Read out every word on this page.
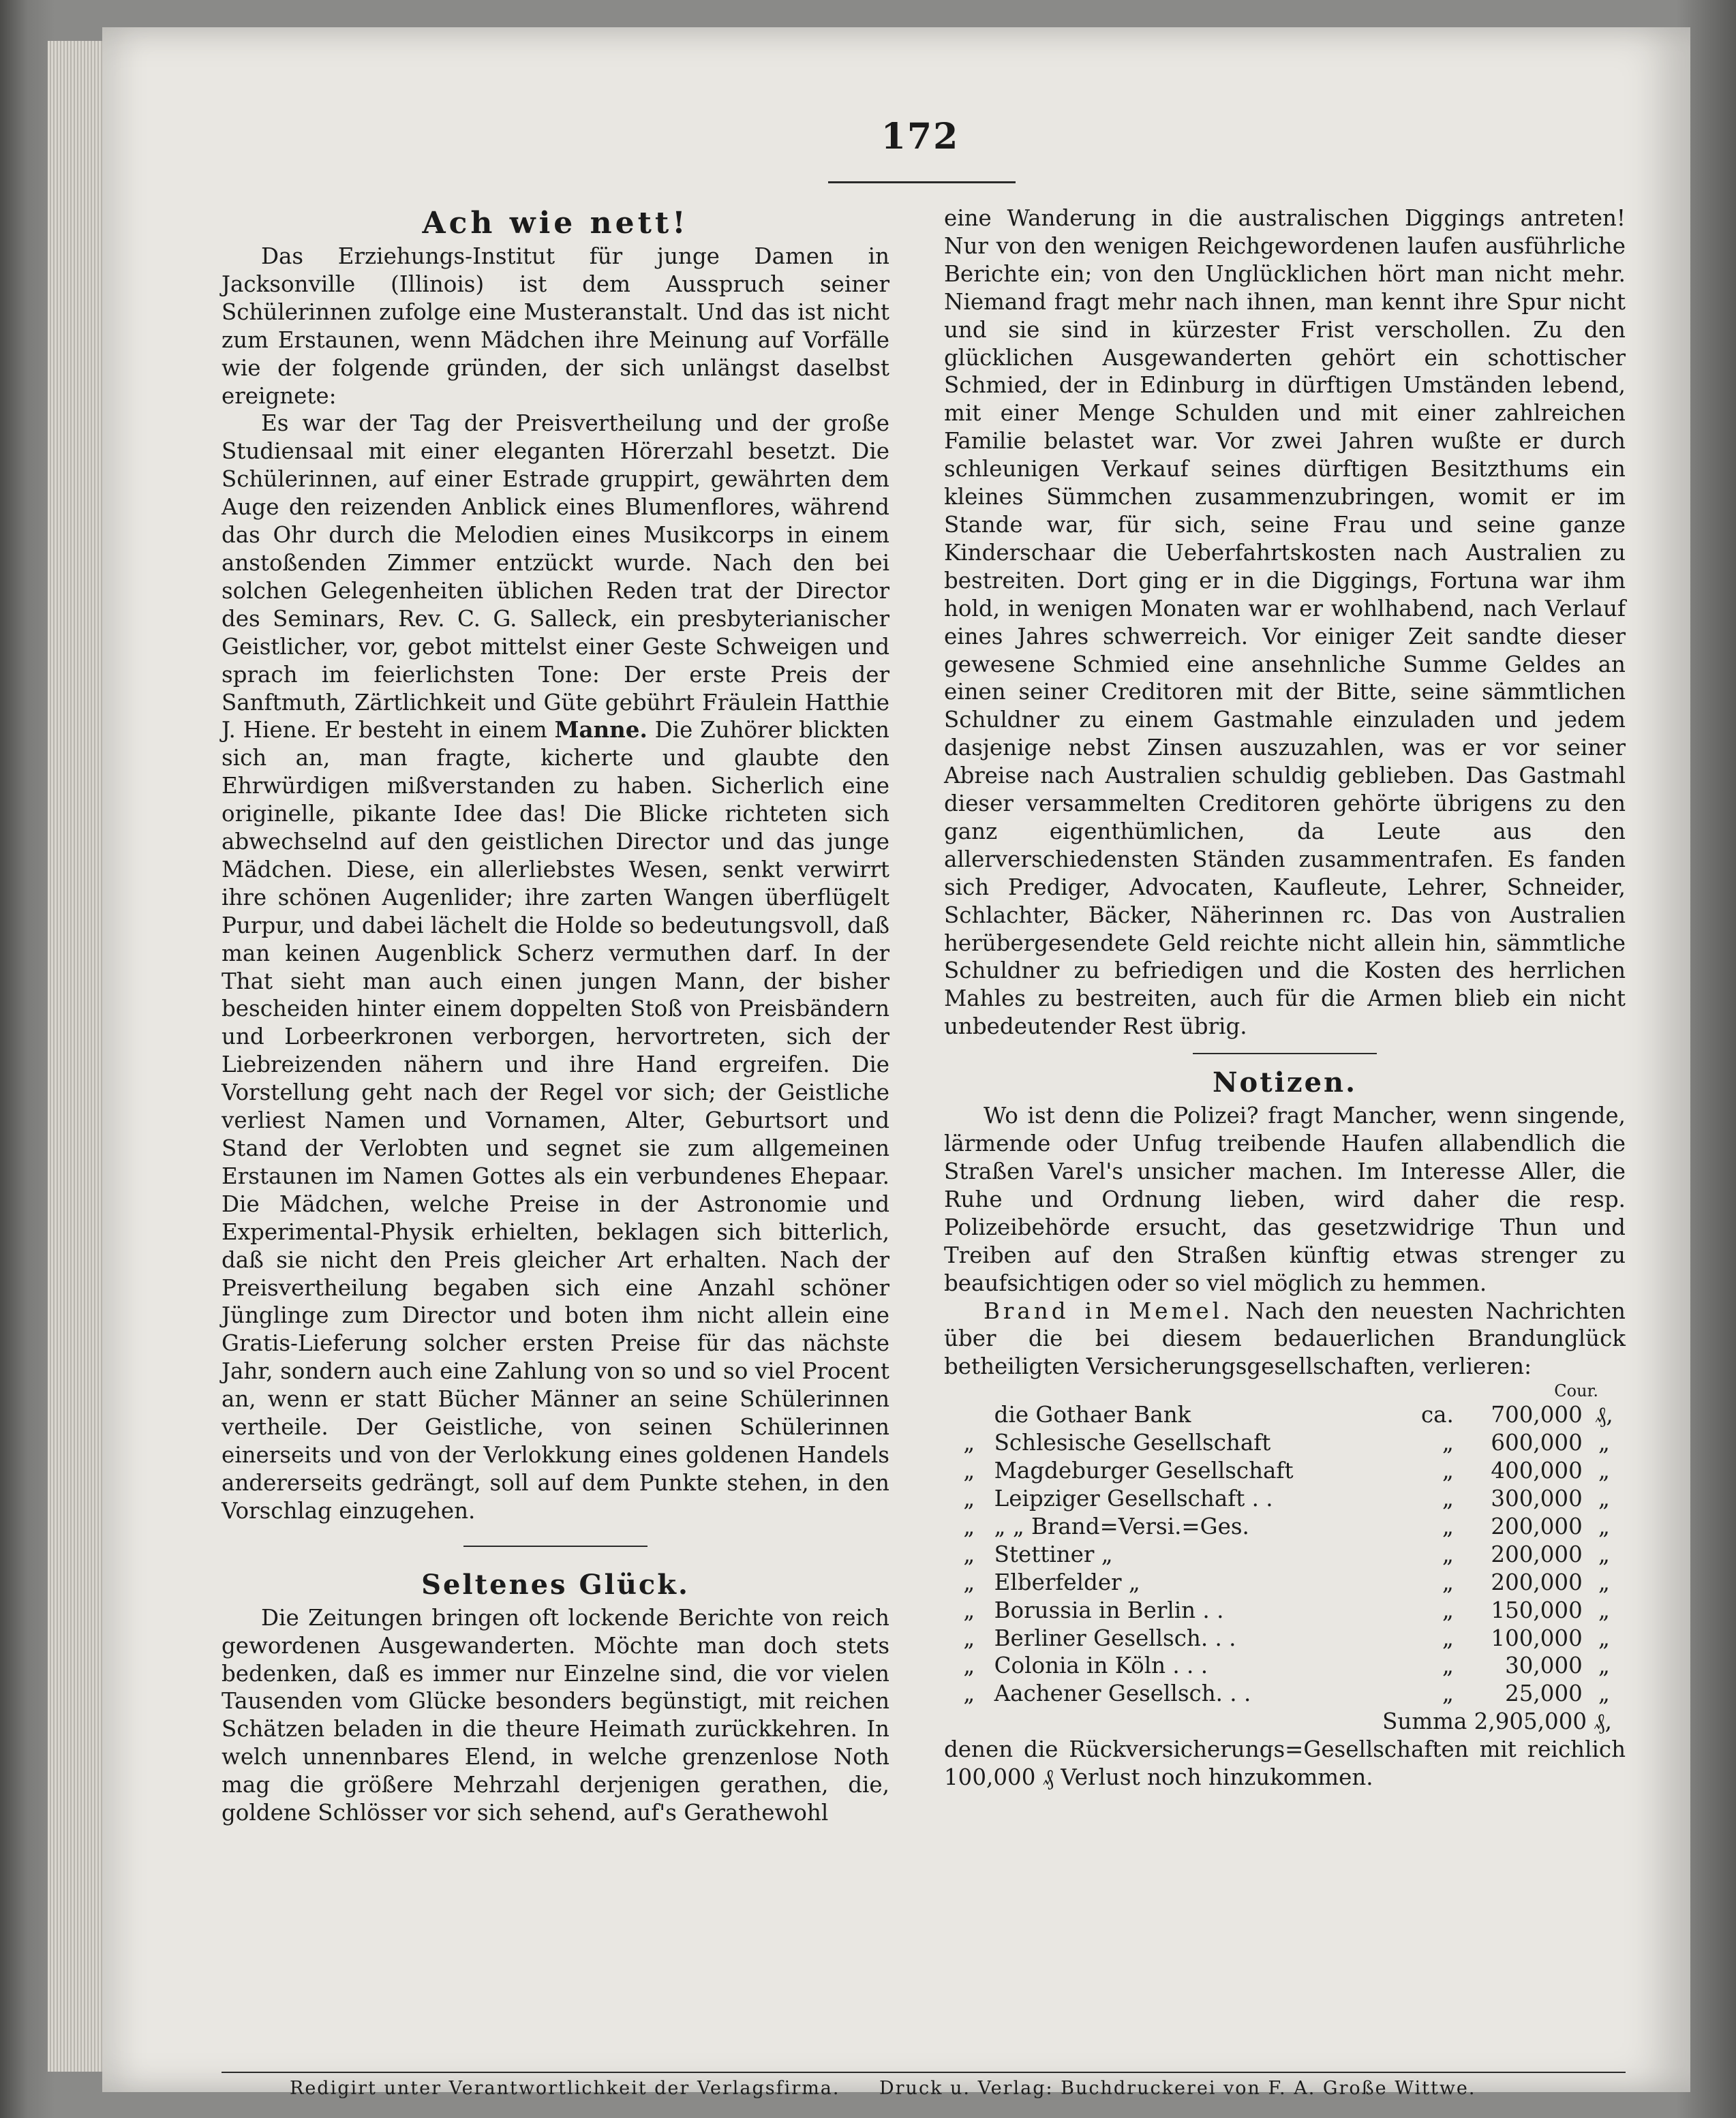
172
Ach wie nett!

Das Erziehungs-Institut für junge Damen in Jacksonville (Illinois) ist dem Ausspruch seiner Schülerinnen zufolge eine Musteranstalt. Und das ist nicht zum Erstaunen, wenn Mädchen ihre Meinung auf Vorfälle wie der folgende gründen, der sich unlängst daselbst ereignete:

Es war der Tag der Preisvertheilung und der große Studiensaal mit einer eleganten Hörerzahl besetzt. Die Schülerinnen, auf einer Estrade gruppirt, gewährten dem Auge den reizenden Anblick eines Blumenflores, während das Ohr durch die Melodien eines Musikcorps in einem anstoßenden Zimmer entzückt wurde. Nach den bei solchen Gelegenheiten üblichen Reden trat der Director des Seminars, Rev. C. G. Salleck, ein presbyterianischer Geistlicher, vor, gebot mittelst einer Geste Schweigen und sprach im feierlichsten Tone: Der erste Preis der Sanftmuth, Zärtlichkeit und Güte gebührt Fräulein Hatthie J. Hiene. Er besteht in einem Manne. Die Zuhörer blickten sich an, man fragte, kicherte und glaubte den Ehrwürdigen mißverstanden zu haben. Sicherlich eine originelle, pikante Idee das! Die Blicke richteten sich abwechselnd auf den geistlichen Director und das junge Mädchen. Diese, ein allerliebstes Wesen, senkt verwirrt ihre schönen Augenlider; ihre zarten Wangen überflügelt Purpur, und dabei lächelt die Holde so bedeutungsvoll, daß man keinen Augenblick Scherz vermuthen darf. In der That sieht man auch einen jungen Mann, der bisher bescheiden hinter einem doppelten Stoß von Preisbändern und Lorbeerkronen verborgen, hervortreten, sich der Liebreizenden nähern und ihre Hand ergreifen. Die Vorstellung geht nach der Regel vor sich; der Geistliche verliest Namen und Vornamen, Alter, Geburtsort und Stand der Verlobten und segnet sie zum allgemeinen Erstaunen im Namen Gottes als ein verbundenes Ehepaar. Die Mädchen, welche Preise in der Astronomie und Experimental-Physik erhielten, beklagen sich bitterlich, daß sie nicht den Preis gleicher Art erhalten. Nach der Preisvertheilung begaben sich eine Anzahl schöner Jünglinge zum Director und boten ihm nicht allein eine Gratis-Lieferung solcher ersten Preise für das nächste Jahr, sondern auch eine Zahlung von so und so viel Procent an, wenn er statt Bücher Männer an seine Schülerinnen vertheile. Der Geistliche, von seinen Schülerinnen einerseits und von der Verlokkung eines goldenen Handels andererseits gedrängt, soll auf dem Punkte stehen, in den Vorschlag einzugehen.

Seltenes Glück.

Die Zeitungen bringen oft lockende Berichte von reich gewordenen Ausgewanderten. Möchte man doch stets bedenken, daß es immer nur Einzelne sind, die vor vielen Tausenden vom Glücke besonders begünstigt, mit reichen Schätzen beladen in die theure Heimath zurückkehren. In welch unnennbares Elend, in welche grenzenlose Noth mag die größere Mehrzahl derjenigen gerathen, die, goldene Schlösser vor sich sehend, auf's Gerathewohl

eine Wanderung in die australischen Diggings antreten! Nur von den wenigen Reichgewordenen laufen ausführliche Berichte ein; von den Unglücklichen hört man nicht mehr. Niemand fragt mehr nach ihnen, man kennt ihre Spur nicht und sie sind in kürzester Frist verschollen. Zu den glücklichen Ausgewanderten gehört ein schottischer Schmied, der in Edinburg in dürftigen Umständen lebend, mit einer Menge Schulden und mit einer zahlreichen Familie belastet war. Vor zwei Jahren wußte er durch schleunigen Verkauf seines dürftigen Besitzthums ein kleines Sümmchen zusammenzubringen, womit er im Stande war, für sich, seine Frau und seine ganze Kinderschaar die Ueberfahrtskosten nach Australien zu bestreiten. Dort ging er in die Diggings, Fortuna war ihm hold, in wenigen Monaten war er wohlhabend, nach Verlauf eines Jahres schwerreich. Vor einiger Zeit sandte dieser gewesene Schmied eine ansehnliche Summe Geldes an einen seiner Creditoren mit der Bitte, seine sämmtlichen Schuldner zu einem Gastmahle einzuladen und jedem dasjenige nebst Zinsen auszuzahlen, was er vor seiner Abreise nach Australien schuldig geblieben. Das Gastmahl dieser versammelten Creditoren gehörte übrigens zu den ganz eigenthümlichen, da Leute aus den allerverschiedensten Ständen zusammentrafen. Es fanden sich Prediger, Advocaten, Kaufleute, Lehrer, Schneider, Schlachter, Bäcker, Näherinnen rc. Das von Australien herübergesendete Geld reichte nicht allein hin, sämmtliche Schuldner zu befriedigen und die Kosten des herrlichen Mahles zu bestreiten, auch für die Armen blieb ein nicht unbedeutender Rest übrig.

Notizen.

Wo ist denn die Polizei? fragt Mancher, wenn singende, lärmende oder Unfug treibende Haufen allabendlich die Straßen Varel's unsicher machen. Im Interesse Aller, die Ruhe und Ordnung lieben, wird daher die resp. Polizeibehörde ersucht, das gesetzwidrige Thun und Treiben auf den Straßen künftig etwas strenger zu beaufsichtigen oder so viel möglich zu hemmen.

Brand in Memel. Nach den neuesten Nachrichten über die bei diesem bedauerlichen Brandunglück betheiligten Versicherungsgesellschaften, verlieren:

Cour.
	die Gothaer Bank	ca.	700,000	₰,
„	Schlesische Gesellschaft	„	600,000	„
„	Magdeburger Gesellschaft	„	400,000	„
„	Leipziger Gesellschaft . .	„	300,000	„
„	„ „ Brand=Versi.=Ges.	„	200,000	„
„	Stettiner „	„	200,000	„
„	Elberfelder „	„	200,000	„
„	Borussia in Berlin . .	„	150,000	„
„	Berliner Gesellsch. . .	„	100,000	„
„	Colonia in Köln . . .	„	30,000	„
„	Aachener Gesellsch. . .	„	25,000	„
Summa 2,905,000 ₰,

denen die Rückversicherungs=Gesellschaften mit reichlich 100,000 ₰ Verlust noch hinzukommen.

Redigirt unter Verantwortlichkeit der Verlagsfirma. Druck u. Verlag: Buchdruckerei von F. A. Große Wittwe.
